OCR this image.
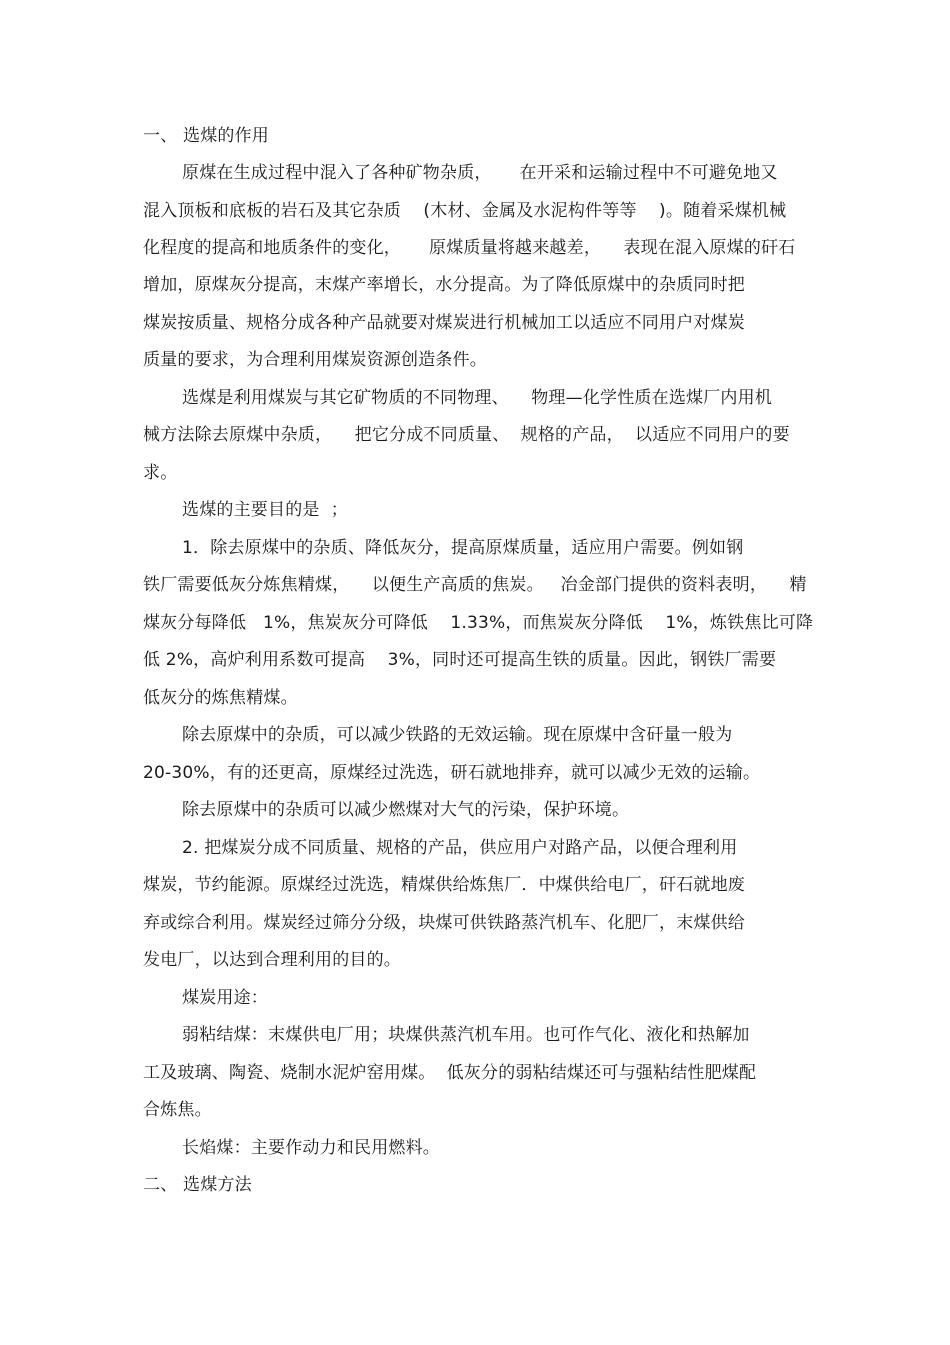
一、 选煤的作用
原煤在生成过程中混入了各种矿物杂质，     在开采和运输过程中不可避免地又
混入顶板和底板的岩石及其它杂质    (木材、金属及水泥构件等等    )。随着采煤机械
化程度的提高和地质条件的变化，     原煤质量将越来越差，    表现在混入原煤的矸石
增加，原煤灰分提高，末煤产率增长，水分提高。为了降低原煤中的杂质同时把
煤炭按质量、规格分成各种产品就要对煤炭进行机械加工以适应不同用户对煤炭
质量的要求，为合理利用煤炭资源创造条件。
选煤是利用煤炭与其它矿物质的不同物理、    物理—化学性质在选煤厂内用机
械方法除去原煤中杂质，    把它分成不同质量、  规格的产品，  以适应不同用户的要
求。
选煤的主要目的是  ；
1．除去原煤中的杂质、降低灰分，提高原煤质量，适应用户需要。例如钢
铁厂需要低灰分炼焦精煤，    以便生产高质的焦炭。   冶金部门提供的资料表明，    精
煤灰分每降低   1%，焦炭灰分可降低    1.33%，而焦炭灰分降低    1%，炼铁焦比可降
低 2%，高炉利用系数可提高    3%，同时还可提高生铁的质量。因此，钢铁厂需要
低灰分的炼焦精煤。
除去原煤中的杂质，可以减少铁路的无效运输。现在原煤中含矸量一般为
20-30%，有的还更高，原煤经过洗选，研石就地排弃，就可以减少无效的运输。
除去原煤中的杂质可以减少燃煤对大气的污染，保护环境。
2. 把煤炭分成不同质量、规格的产品，供应用户对路产品，以便合理利用
煤炭，节约能源。原煤经过洗选，精煤供给炼焦厂．中煤供给电厂，矸石就地废
弃或综合利用。煤炭经过筛分分级，块煤可供铁路蒸汽机车、化肥厂，末煤供给
发电厂，以达到合理利用的目的。
煤炭用途：
弱粘结煤：末煤供电厂用；块煤供蒸汽机车用。也可作气化、液化和热解加
工及玻璃、陶瓷、烧制水泥炉窑用煤。  低灰分的弱粘结煤还可与强粘结性肥煤配
合炼焦。
长焰煤：主要作动力和民用燃料。
二、 选煤方法
